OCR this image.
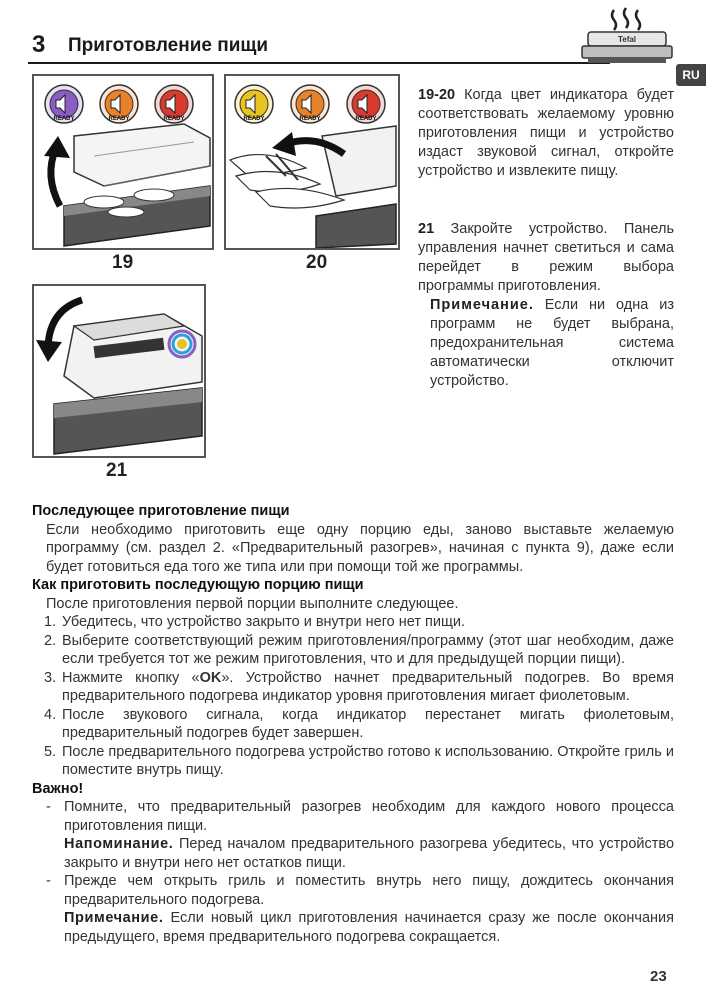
3 Приготовление пищи	Tefal
RU
READY	READY	READY
19
READY	READY	READY
20
21
19-20 Когда цвет индикатора будет соответствовать желаемому уровню приготовления пищи и устройство издаст звуковой сигнал, откройте устройство и извлеките пищу.
21 Закройте устройство. Панель управления начнет светиться и сама перейдет в режим выбора программы приготовления.
Примечание. Если ни одна из программ не будет выбрана, предохранительная система автоматически отключит устройство.

Последующее приготовление пищи

Если необходимо приготовить еще одну порцию еды, заново выставьте желаемую программу (см. раздел 2. «Предварительный разогрев», начиная с пункта 9), даже если будет готовиться еда того же типа или при помощи той же программы.

Как приготовить последующую порцию пищи

После приготовления первой порции выполните следующее.

1. Убедитесь, что устройство закрыто и внутри него нет пищи.
2. Выберите соответствующий режим приготовления/программу (этот шаг необходим, даже если требуется тот же режим приготовления, что и для предыдущей порции пищи).
3. Нажмите кнопку «OK». Устройство начнет предварительный подогрев. Во время предварительного подогрева индикатор уровня приготовления мигает фиолетовым.
4. После звукового сигнала, когда индикатор перестанет мигать фиолетовым, предварительный подогрев будет завершен.
5. После предварительного подогрева устройство готово к использованию. Откройте гриль и поместите внутрь пищу.

Важно!

- Помните, что предварительный разогрев необходим для каждого нового процесса приготовления пищи.
Напоминание. Перед началом предварительного разогрева убедитесь, что устройство закрыто и внутри него нет остатков пищи.
- Прежде чем открыть гриль и поместить внутрь него пищу, дождитесь окончания предварительного подогрева.
Примечание. Если новый цикл приготовления начинается сразу же после окончания предыдущего, время предварительного подогрева сокращается.
23
